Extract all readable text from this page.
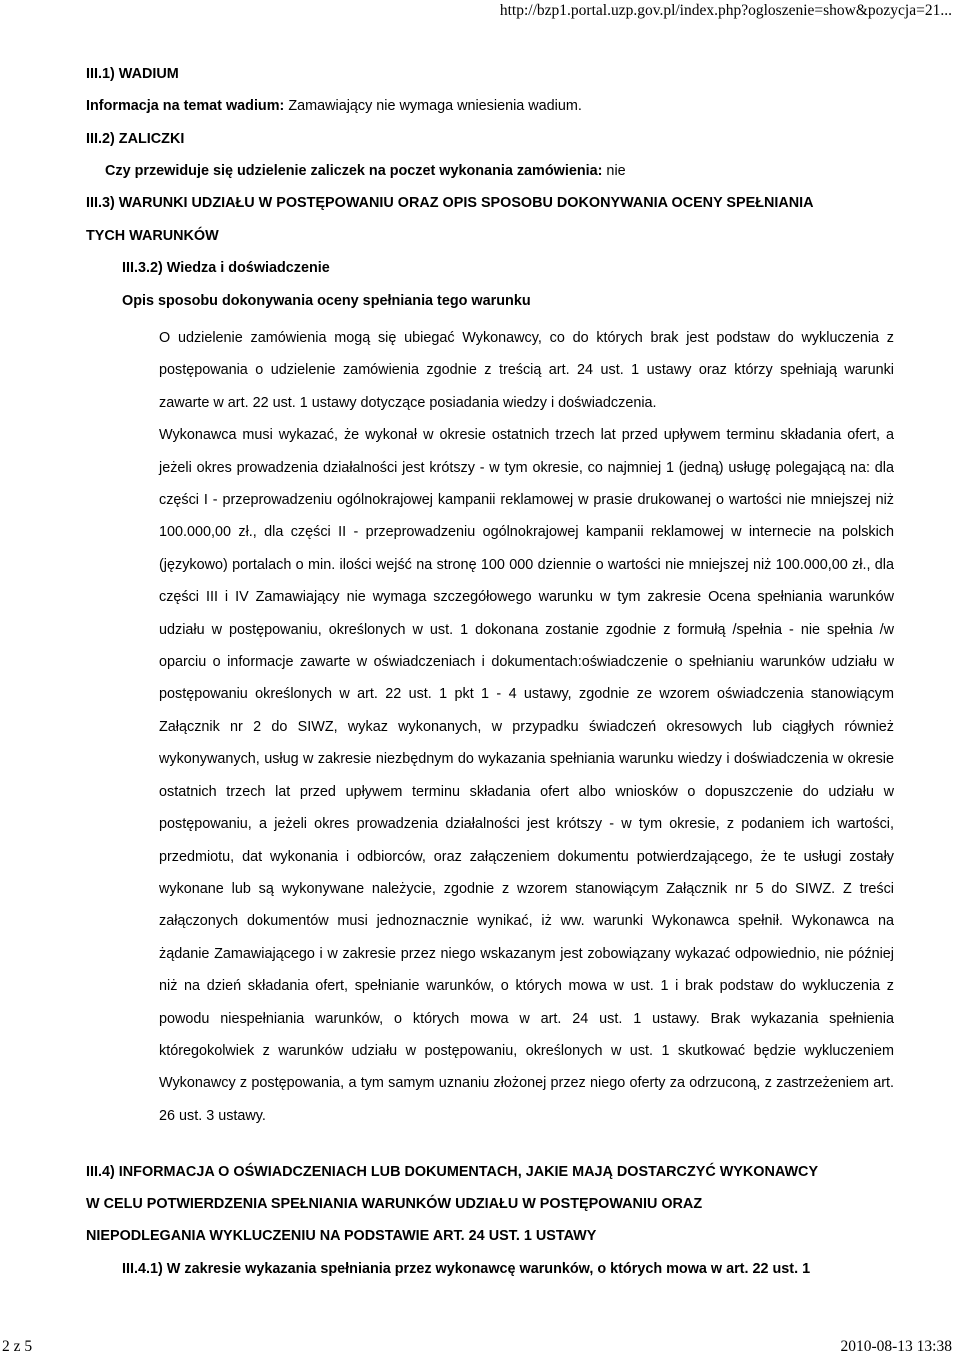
http://bzp1.portal.uzp.gov.pl/index.php?ogloszenie=show&pozycja=21...
III.1) WADIUM
Informacja na temat wadium: Zamawiający nie wymaga wniesienia wadium.
III.2) ZALICZKI
Czy przewiduje się udzielenie zaliczek na poczet wykonania zamówienia: nie
III.3) WARUNKI UDZIAŁU W POSTĘPOWANIU ORAZ OPIS SPOSOBU DOKONYWANIA OCENY SPEŁNIANIA
TYCH WARUNKÓW
III.3.2) Wiedza i doświadczenie
Opis sposobu dokonywania oceny spełniania tego warunku

O udzielenie zamówienia mogą się ubiegać Wykonawcy, co do których brak jest podstaw do wykluczenia z postępowania o udzielenie zamówienia zgodnie z treścią art. 24 ust. 1 ustawy oraz którzy spełniają warunki zawarte w art. 22 ust. 1 ustawy dotyczące posiadania wiedzy i doświadczenia.

Wykonawca musi wykazać, że wykonał w okresie ostatnich trzech lat przed upływem terminu składania ofert, a jeżeli okres prowadzenia działalności jest krótszy - w tym okresie, co najmniej 1 (jedną) usługę polegającą na: dla części I - przeprowadzeniu ogólnokrajowej kampanii reklamowej w prasie drukowanej o wartości nie mniejszej niż 100.000,00 zł., dla części II - przeprowadzeniu ogólnokrajowej kampanii reklamowej w internecie na polskich (językowo) portalach o min. ilości wejść na stronę 100 000 dziennie o wartości nie mniejszej niż 100.000,00 zł., dla części III i IV Zamawiający nie wymaga szczegółowego warunku w tym zakresie Ocena spełniania warunków udziału w postępowaniu, określonych w ust. 1 dokonana zostanie zgodnie z formułą /spełnia - nie spełnia /w oparciu o informacje zawarte w oświadczeniach i dokumentach:oświadczenie o spełnianiu warunków udziału w postępowaniu określonych w art. 22 ust. 1 pkt 1 - 4 ustawy, zgodnie ze wzorem oświadczenia stanowiącym Załącznik nr 2 do SIWZ, wykaz wykonanych, w przypadku świadczeń okresowych lub ciągłych również wykonywanych, usług w zakresie niezbędnym do wykazania spełniania warunku wiedzy i doświadczenia w okresie ostatnich trzech lat przed upływem terminu składania ofert albo wniosków o dopuszczenie do udziału w postępowaniu, a jeżeli okres prowadzenia działalności jest krótszy - w tym okresie, z podaniem ich wartości, przedmiotu, dat wykonania i odbiorców, oraz załączeniem dokumentu potwierdzającego, że te usługi zostały wykonane lub są wykonywane należycie, zgodnie z wzorem stanowiącym Załącznik nr 5 do SIWZ. Z treści załączonych dokumentów musi jednoznacznie wynikać, iż ww. warunki Wykonawca spełnił. Wykonawca na żądanie Zamawiającego i w zakresie przez niego wskazanym jest zobowiązany wykazać odpowiednio, nie później niż na dzień składania ofert, spełnianie warunków, o których mowa w ust. 1 i brak podstaw do wykluczenia z powodu niespełniania warunków, o których mowa w art. 24 ust. 1 ustawy. Brak wykazania spełnienia któregokolwiek z warunków udziału w postępowaniu, określonych w ust. 1 skutkować będzie wykluczeniem Wykonawcy z postępowania, a tym samym uznaniu złożonej przez niego oferty za odrzuconą, z zastrzeżeniem art. 26 ust. 3 ustawy.

III.4) INFORMACJA O OŚWIADCZENIACH LUB DOKUMENTACH, JAKIE MAJĄ DOSTARCZYĆ WYKONAWCY
W CELU POTWIERDZENIA SPEŁNIANIA WARUNKÓW UDZIAŁU W POSTĘPOWANIU ORAZ
NIEPODLEGANIA WYKLUCZENIU NA PODSTAWIE ART. 24 UST. 1 USTAWY
III.4.1) W zakresie wykazania spełniania przez wykonawcę warunków, o których mowa w art. 22 ust. 1
2 z 5	2010-08-13 13:38
